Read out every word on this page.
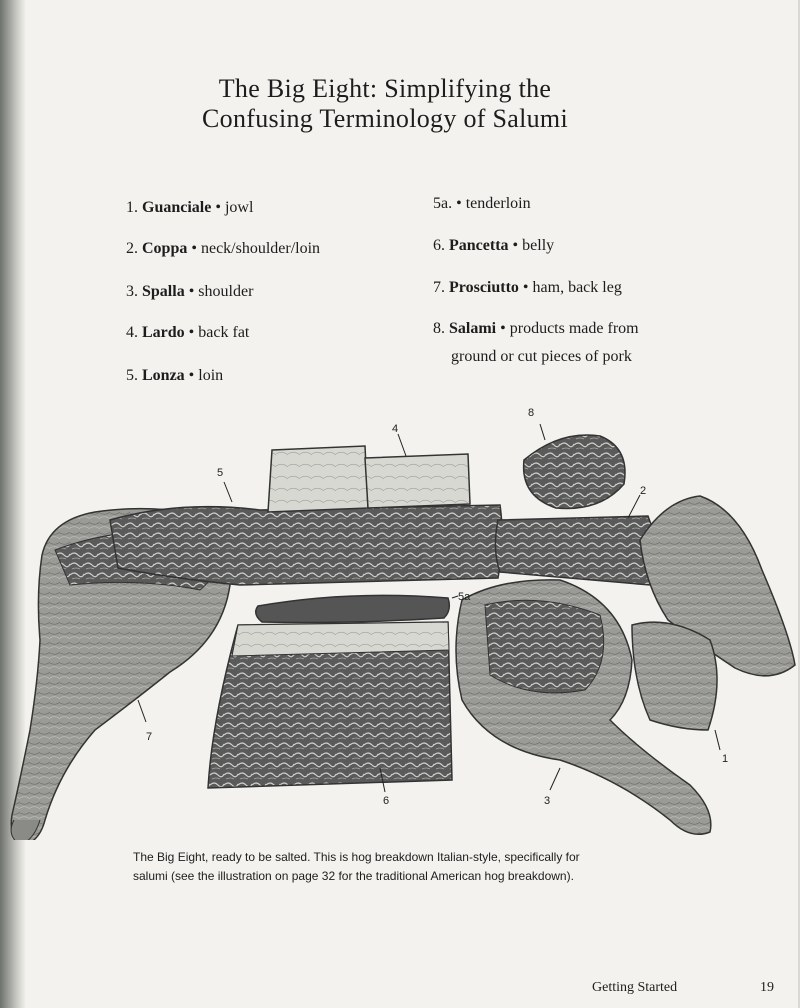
The Big Eight: Simplifying the
Confusing Terminology of Salumi
1. Guanciale • jowl
2. Coppa • neck/shoulder/loin
3. Spalla • shoulder
4. Lardo • back fat
5. Lonza • loin
5a. • tenderloin
6. Pancetta • belly
7. Prosciutto • ham, back leg
8. Salami • products made from
ground or cut pieces of pork
8
2
4
5
5a
7
6	3
1
The Big Eight, ready to be salted. This is hog breakdown Italian-style, specifically for salumi (see the illustration on page 32 for the traditional American hog breakdown).
Getting Started	19
